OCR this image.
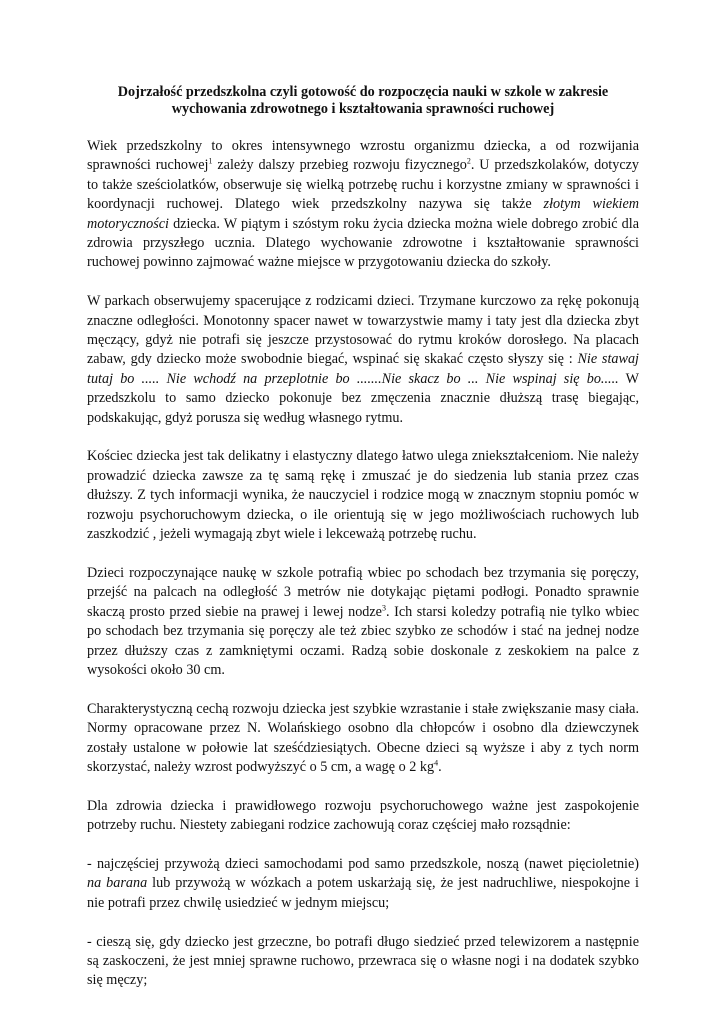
Dojrzałość przedszkolna czyli gotowość do rozpoczęcia nauki w szkole w zakresie
wychowania zdrowotnego i kształtowania sprawności ruchowej

Wiek przedszkolny to okres intensywnego wzrostu organizmu dziecka, a od rozwijania sprawności ruchowej$^1$ zależy dalszy przebieg rozwoju fizycznego$^2$. U przedszkolaków, dotyczy to także sześciolatków, obserwuje się wielką potrzebę ruchu i korzystne zmiany w sprawności i koordynacji ruchowej. Dlatego wiek przedszkolny nazywa się także złotym wiekiem motoryczności dziecka. W piątym i szóstym roku życia dziecka można wiele dobrego zrobić dla zdrowia przyszłego ucznia. Dlatego wychowanie zdrowotne i kształtowanie sprawności ruchowej powinno zajmować ważne miejsce w przygotowaniu dziecka do szkoły.

W parkach obserwujemy spacerujące z rodzicami dzieci. Trzymane kurczowo za rękę pokonują znaczne odległości. Monotonny spacer nawet w towarzystwie mamy i taty jest dla dziecka zbyt męczący, gdyż nie potrafi się jeszcze przystosować do rytmu kroków dorosłego. Na placach zabaw, gdy dziecko może swobodnie biegać, wspinać się skakać często słyszy się : Nie stawaj tutaj bo ..... Nie wchodź na przeplotnie bo .......Nie skacz bo ... Nie wspinaj się bo..... W przedszkolu to samo dziecko pokonuje bez zmęczenia znacznie dłuższą trasę biegając, podskakując, gdyż porusza się według własnego rytmu.

Kościec dziecka jest tak delikatny i elastyczny dlatego łatwo ulega zniekształceniom. Nie należy prowadzić dziecka zawsze za tę samą rękę i zmuszać je do siedzenia lub stania przez czas dłuższy. Z tych informacji wynika, że nauczyciel i rodzice mogą w znacznym stopniu pomóc w rozwoju psychoruchowym dziecka, o ile orientują się w jego możliwościach ruchowych lub zaszkodzić , jeżeli wymagają zbyt wiele i lekceważą potrzebę ruchu.

Dzieci rozpoczynające naukę w szkole potrafią wbiec po schodach bez trzymania się poręczy, przejść na palcach na odległość 3 metrów nie dotykając piętami podłogi. Ponadto sprawnie skaczą prosto przed siebie na prawej i lewej nodze$^3$. Ich starsi koledzy potrafią nie tylko wbiec po schodach bez trzymania się poręczy ale też zbiec szybko ze schodów i stać na jednej nodze przez dłuższy czas z zamkniętymi oczami. Radzą sobie doskonale z zeskokiem na palce z wysokości około 30 cm.

Charakterystyczną cechą rozwoju dziecka jest szybkie wzrastanie i stałe zwiększanie masy ciała. Normy opracowane przez N. Wolańskiego osobno dla chłopców i osobno dla dziewczynek zostały ustalone w połowie lat sześćdziesiątych. Obecne dzieci są wyższe i aby z tych norm skorzystać, należy wzrost podwyższyć o 5 cm, a wagę o 2 $kg^4$.

Dla zdrowia dziecka i prawidłowego rozwoju psychoruchowego ważne jest zaspokojenie potrzeby ruchu. Niestety zabiegani rodzice zachowują coraz częściej mało rozsądnie:

- najczęściej przywożą dzieci samochodami pod samo przedszkole, noszą (nawet pięcioletnie) na barana lub przywożą w wózkach a potem uskarżają się, że jest nadruchliwe, niespokojne i nie potrafi przez chwilę usiedzieć w jednym miejscu;

- cieszą się, gdy dziecko jest grzeczne, bo potrafi długo siedzieć przed telewizorem a następnie są zaskoczeni, że jest mniej sprawne ruchowo, przewraca się o własne nogi i na dodatek szybko się męczy;
